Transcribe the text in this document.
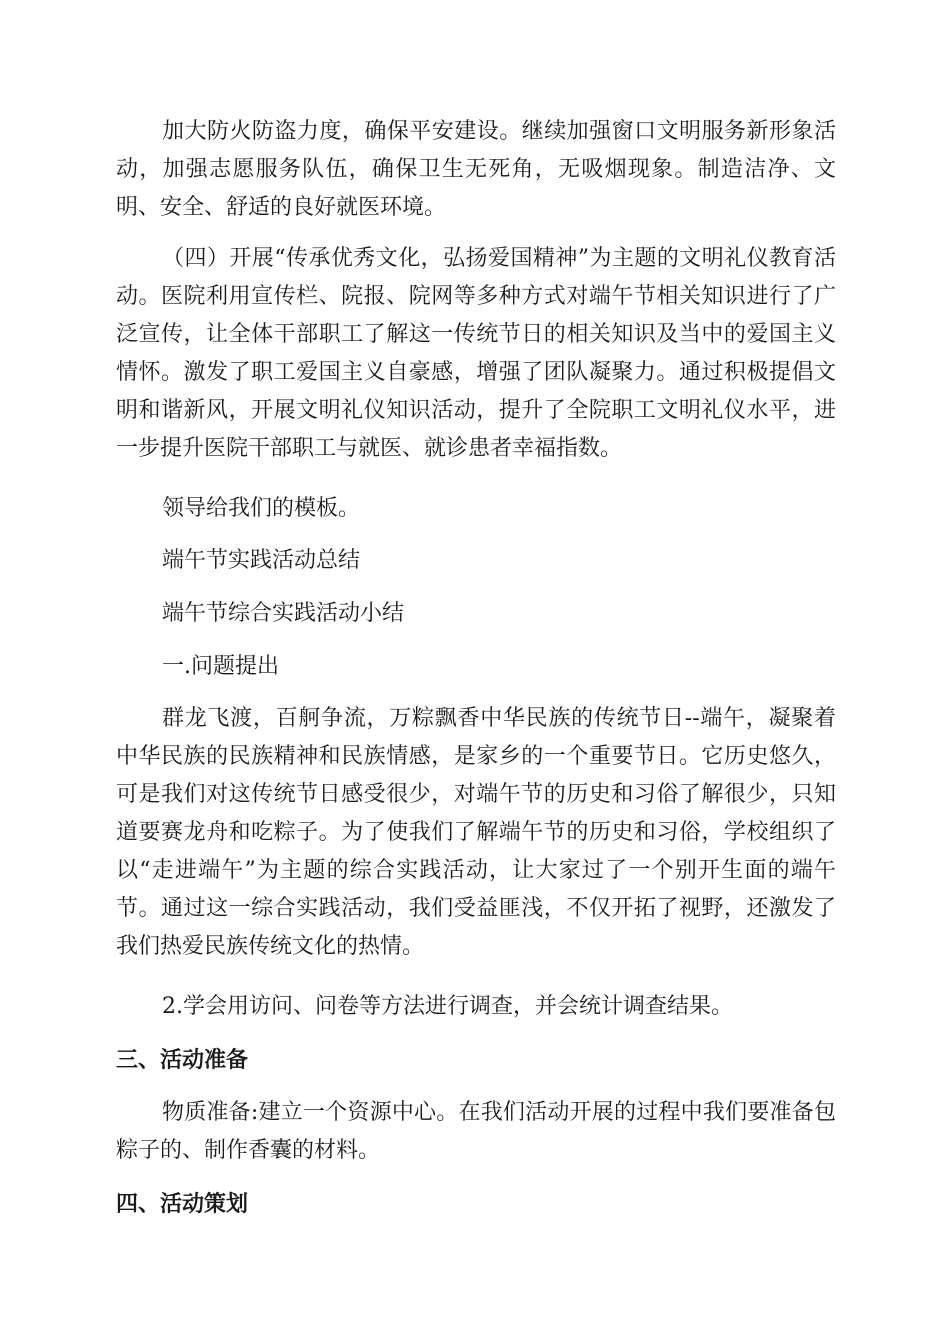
加大防火防盗力度，确保平安建设。继续加强窗口文明服务新形象活动，加强志愿服务队伍，确保卫生无死角，无吸烟现象。制造洁净、文明、安全、舒适的良好就医环境。

（四）开展“传承优秀文化，弘扬爱国精神”为主题的文明礼仪教育活动。医院利用宣传栏、院报、院网等多种方式对端午节相关知识进行了广泛宣传，让全体干部职工了解这一传统节日的相关知识及当中的爱国主义情怀。激发了职工爱国主义自豪感，增强了团队凝聚力。通过积极提倡文明和谐新风，开展文明礼仪知识活动，提升了全院职工文明礼仪水平，进一步提升医院干部职工与就医、就诊患者幸福指数。

领导给我们的模板。

端午节实践活动总结

端午节综合实践活动小结

一.问题提出

群龙飞渡，百舸争流，万粽飘香中华民族的传统节日--端午，凝聚着中华民族的民族精神和民族情感，是家乡的一个重要节日。它历史悠久，可是我们对这传统节日感受很少，对端午节的历史和习俗了解很少，只知道要赛龙舟和吃粽子。为了使我们了解端午节的历史和习俗，学校组织了以“走进端午”为主题的综合实践活动，让大家过了一个别开生面的端午节。通过这一综合实践活动，我们受益匪浅，不仅开拓了视野，还激发了我们热爱民族传统文化的热情。

2.学会用访问、问卷等方法进行调查，并会统计调查结果。

三、活动准备

物质准备:建立一个资源中心。在我们活动开展的过程中我们要准备包粽子的、制作香囊的材料。

四、活动策划
